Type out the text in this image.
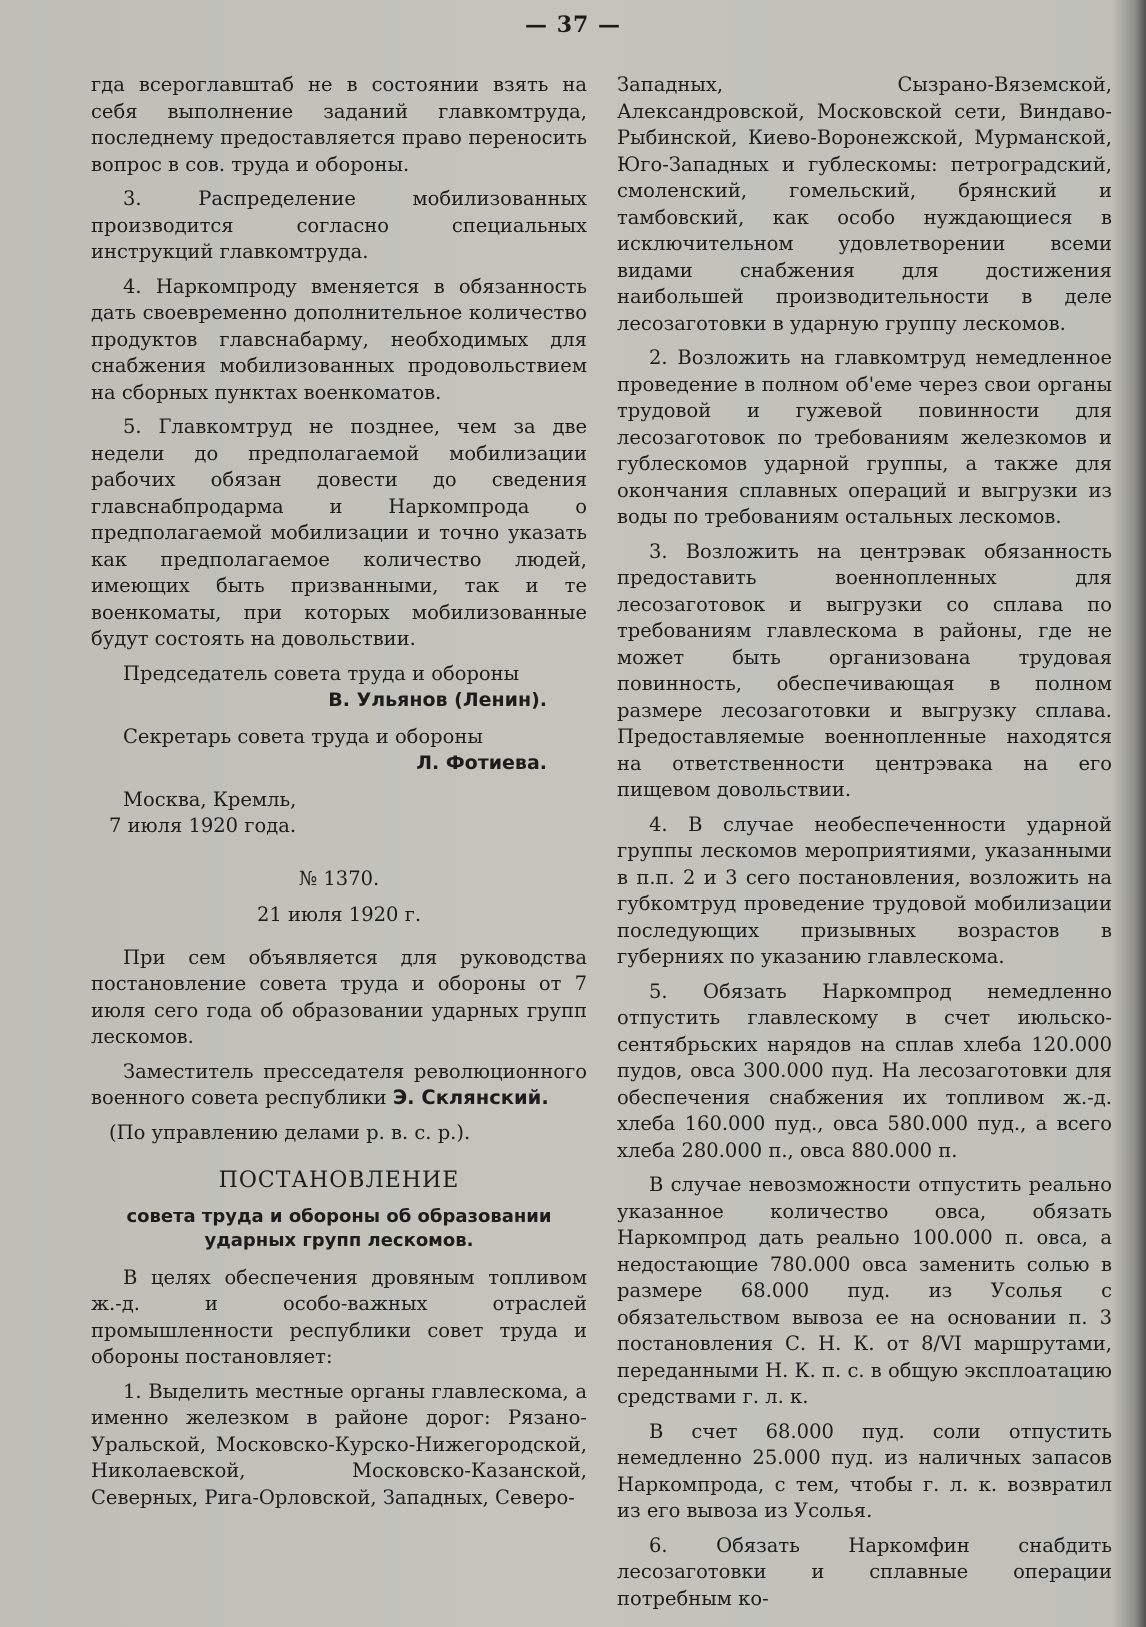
— 37 —

гда всероглавштаб не в состоянии взять на себя выполнение заданий главкомтруда, последнему предоставляется право переносить вопрос в сов. труда и обороны.

3. Распределение мобилизованных производится согласно специальных инструкций главкомтруда.

4. Наркомпроду вменяется в обязанность дать своевременно дополнительное количество продуктов главснабарму, необходимых для снабжения мобилизованных продовольствием на сборных пунктах военкоматов.

5. Главкомтруд не позднее, чем за две недели до предполагаемой мобилизации рабочих обязан довести до сведения главснабпродарма и Наркомпрода о предполагаемой мобилизации и точно указать как предполагаемое количество людей, имеющих быть призванными, так и те военкоматы, при которых мобилизованные будут состоять на довольствии.

Председатель совета труда и обороны
В. Ульянов (Ленин).
Секретарь совета труда и обороны
Л. Фотиева.
Москва, Кремль,
7 июля 1920 года.

№ 1370.

21 июля 1920 г.

При сем объявляется для руководства постановление совета труда и обороны от 7 июля сего года об образовании ударных групп лескомов.

Заместитель пресседателя революционного военного совета республики Э. Склянский.

(По управлению делами р. в. с. р.).

ПОСТАНОВЛЕНИЕ
совета труда и обороны об образовании ударных групп лескомов.

В целях обеспечения дровяным топливом ж.-д. и особо-важных отраслей промышленности республики совет труда и обороны постановляет:

1. Выделить местные органы главлескома, а именно железком в районе дорог: Рязано-Уральской, Московско-Курско-Нижегородской, Николаевской, Московско-Казанской, Северных, Рига-Орловской, Западных, Северо-

Западных, Сызрано-Вяземской, Александровской, Московской сети, Виндаво-Рыбинской, Киево-Воронежской, Мурманской, Юго-Западных и гублескомы: петроградский, смоленский, гомельский, брянский и тамбовский, как особо нуждающиеся в исключительном удовлетворении всеми видами снабжения для достижения наибольшей производительности в деле лесозаготовки в ударную группу лескомов.

2. Возложить на главкомтруд немедленное проведение в полном об'еме через свои органы трудовой и гужевой повинности для лесозаготовок по требованиям железкомов и гублескомов ударной группы, а также для окончания сплавных операций и выгрузки из воды по требованиям остальных лескомов.

3. Возложить на центрэвак обязанность предоставить военнопленных для лесозаготовок и выгрузки со сплава по требованиям главлескома в районы, где не может быть организована трудовая повинность, обеспечивающая в полном размере лесозаготовки и выгрузку сплава. Предоставляемые военнопленные находятся на ответственности центрэвака на его пищевом довольствии.

4. В случае необеспеченности ударной группы лескомов мероприятиями, указанными в п.п. 2 и 3 сего постановления, возложить на губкомтруд проведение трудовой мобилизации последующих призывных возрастов в губерниях по указанию главлескома.

5. Обязать Наркомпрод немедленно отпустить главлескому в счет июльско-сентябрьских нарядов на сплав хлеба 120.000 пудов, овса 300.000 пуд. На лесозаготовки для обеспечения снабжения их топливом ж.-д. хлеба 160.000 пуд., овса 580.000 пуд., а всего хлеба 280.000 п., овса 880.000 п.

В случае невозможности отпустить реально указанное количество овса, обязать Наркомпрод дать реально 100.000 п. овса, а недостающие 780.000 овса заменить солью в размере 68.000 пуд. из Усолья с обязательством вывоза ее на основании п. 3 постановления С. Н. К. от 8/VI маршрутами, переданными Н. К. п. с. в общую эксплоатацию средствами г. л. к.

В счет 68.000 пуд. соли отпустить немедленно 25.000 пуд. из наличных запасов Наркомпрода, с тем, чтобы г. л. к. возвратил из его вывоза из Усолья.

6. Обязать Наркомфин снабдить лесозаготовки и сплавные операции потребным ко-
